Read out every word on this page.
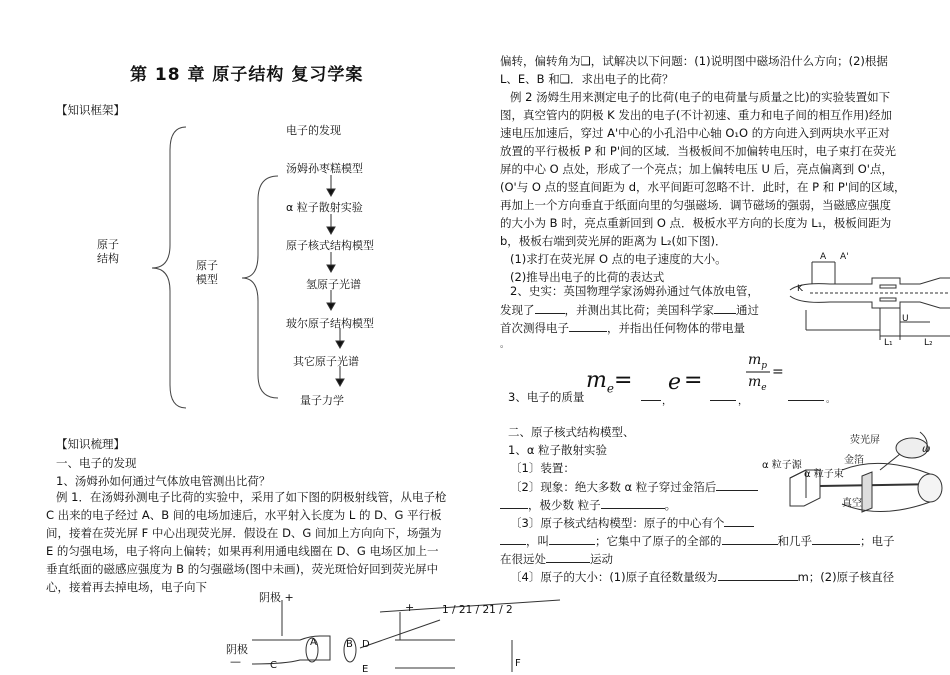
第 18 章 原子结构 复习学案
【知识框架】
原子
结构
原子
模型
电子的发现
汤姆孙枣糕模型
α 粒子散射实验
原子核式结构模型
氢原子光谱
玻尔原子结构模型
其它原子光谱
量子力学
【知识梳理】
一、电子的发现
1、汤姆孙如何通过气体放电管测出比荷？
例 1．在汤姆孙测电子比荷的实验中，采用了如下图的阴极射线管，从电子枪
C 出来的电子经过 A、B 间的电场加速后，水平射入长度为 L 的 D、G 平行板
间，接着在荧光屏 F 中心出现荧光屏．假设在 D、G 间加上方向向下，场强为
E 的匀强电场，电子将向上偏转；如果再利用通电线圈在 D、G 电场区加上一
垂直纸面的磁感应强度为 B 的匀强磁场(图中未画)，荧光斑恰好回到荧光屏中
心，接着再去掉电场，电子向下
阴极 +
阴极
—
+
A	B D
C	E
F
1 / 21 / 21 / 2
偏转，偏转角为❑，试解决以下问题：(1)说明图中磁场沿什么方向；(2)根据
L、E、B 和❑．求出电子的比荷？
例 2 汤姆生用来测定电子的比荷(电子的电荷量与质量之比)的实验装置如下
图，真空管内的阴极 K 发出的电子(不计初速、重力和电子间的相互作用)经加
速电压加速后，穿过 A'中心的小孔沿中心轴 O₁O 的方向进入到两块水平正对
放置的平行极板 P 和 P'间的区域．当极板间不加偏转电压时，电子束打在荧光
屏的中心 O 点处，形成了一个亮点；加上偏转电压 U 后，亮点偏离到 O'点，
(O'与 O 点的竖直间距为 d，水平间距可忽略不计．此时，在 P 和 P'间的区域，
再加上一个方向垂直于纸面向里的匀强磁场．调节磁场的强弱，当磁感应强度
的大小为 B 时，亮点重新回到 O 点．极板水平方向的长度为 L₁，极板间距为
b，极板右端到荧光屏的距离为 L₂(如下图)．
(1)求打在荧光屏 O 点的电子速度的大小。
(2)推导出电子的比荷的表达式
K
A A'
U
L₁	L₂
2、史实：英国物理学家汤姆孙通过气体放电管，
发现了	，并测出其比荷；美国科学家 通过
首次测得电子	，并指出任何物体的带电量
。
3、电子的质量
$m_e$ =
，
e =
，
$m_p$
$m_e$
=
。
二、原子核式结构模型、
1、α 粒子散射实验
〔1〕装置：
〔2〕现象：绝大多数 α 粒子穿过金箔后
，极少数 粒子	。
〔3〕原子核式结构模型：原子的中心有个
，叫	；它集中了原子的全部的	和几乎	；电子
在很远处	运动
〔4〕原子的大小：(1)原子直径数量级为	m；(2)原子核直径
荧光屏
α 粒子源
α 粒子束
金箔
真空
ω
